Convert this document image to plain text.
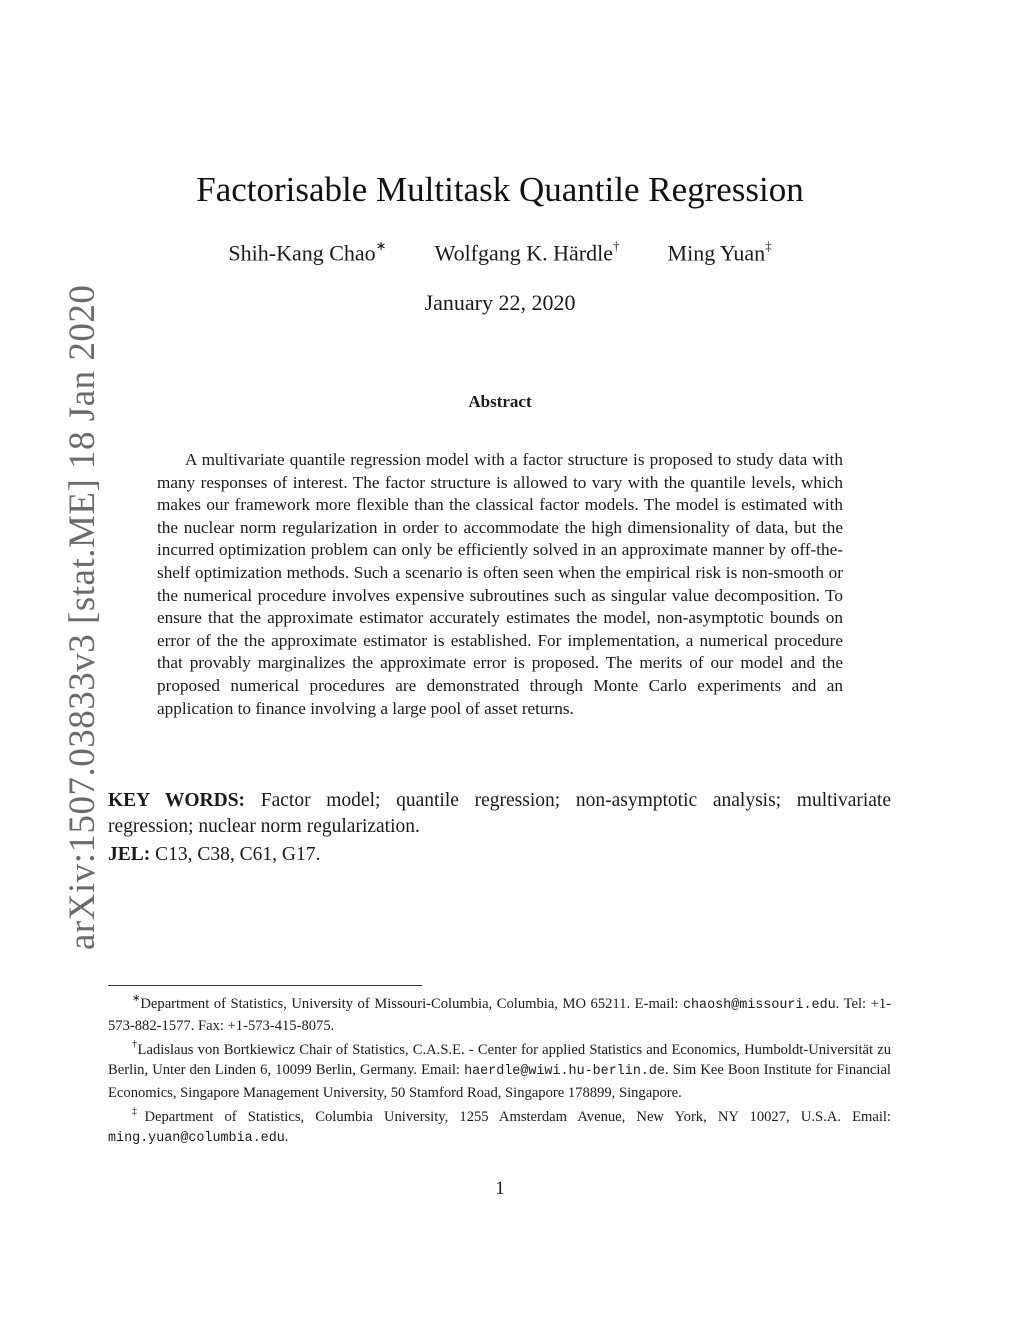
arXiv:1507.03833v3 [stat.ME] 18 Jan 2020
Factorisable Multitask Quantile Regression
Shih-Kang Chao∗ Wolfgang K. Härdle† Ming Yuan‡
January 22, 2020
Abstract

A multivariate quantile regression model with a factor structure is proposed to study data with many responses of interest. The factor structure is allowed to vary with the quantile levels, which makes our framework more flexible than the classical factor models. The model is estimated with the nuclear norm regularization in order to accommodate the high dimensionality of data, but the incurred optimization problem can only be efficiently solved in an approximate manner by off-the-shelf optimization methods. Such a scenario is often seen when the empirical risk is non-smooth or the numerical procedure involves expensive subroutines such as singular value decomposition. To ensure that the approximate estimator accurately estimates the model, non-asymptotic bounds on error of the the approximate estimator is established. For implementation, a numerical procedure that provably marginalizes the approximate error is proposed. The merits of our model and the proposed numerical procedures are demonstrated through Monte Carlo experiments and an application to finance involving a large pool of asset returns.

KEY WORDS: Factor model; quantile regression; non-asymptotic analysis; multivariate regression; nuclear norm regularization.

JEL: C13, C38, C61, G17.

∗Department of Statistics, University of Missouri-Columbia, Columbia, MO 65211. E-mail: chaosh@missouri.edu. Tel: +1-573-882-1577. Fax: +1-573-415-8075.

†Ladislaus von Bortkiewicz Chair of Statistics, C.A.S.E. - Center for applied Statistics and Economics, Humboldt-Universität zu Berlin, Unter den Linden 6, 10099 Berlin, Germany. Email: haerdle@wiwi.hu-berlin.de. Sim Kee Boon Institute for Financial Economics, Singapore Management University, 50 Stamford Road, Singapore 178899, Singapore.

‡Department of Statistics, Columbia University, 1255 Amsterdam Avenue, New York, NY 10027, U.S.A. Email: ming.yuan@columbia.edu.

1
